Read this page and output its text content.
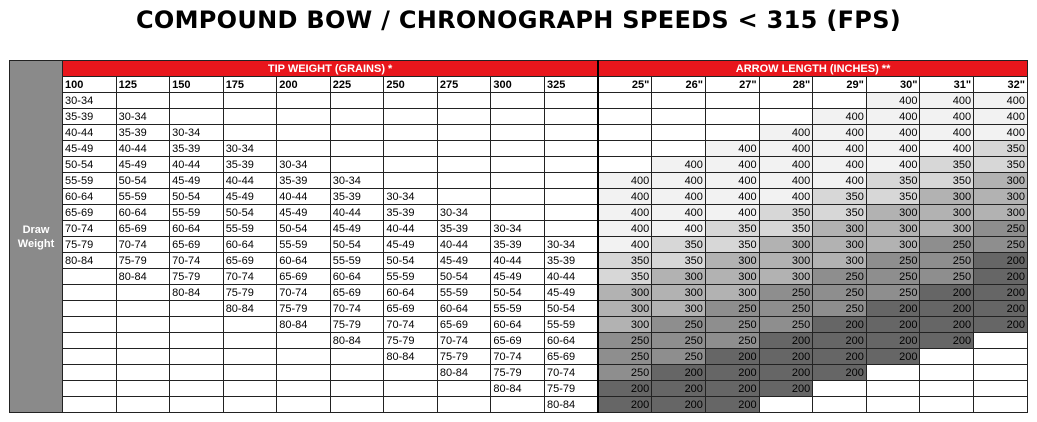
COMPOUND BOW / CHRONOGRAPH SPEEDS < 315 (FPS)
Draw
Weight	TIP WEIGHT (GRAINS) *										ARROW LENGTH (INCHES) **							
	100	125	150	175	200	225	250	275	300	325	25"	26"	27"	28"	29"	30"	31"	32"
	30-34															400	400	400
	35-39	30-34													400	400	400	400
	40-44	35-39	30-34											400	400	400	400	400
	45-49	40-44	35-39	30-34									400	400	400	400	400	350
	50-54	45-49	40-44	35-39	30-34							400	400	400	400	400	350	350
	55-59	50-54	45-49	40-44	35-39	30-34					400	400	400	400	400	350	350	300
	60-64	55-59	50-54	45-49	40-44	35-39	30-34				400	400	400	400	350	350	300	300
	65-69	60-64	55-59	50-54	45-49	40-44	35-39	30-34			400	400	400	350	350	300	300	300
	70-74	65-69	60-64	55-59	50-54	45-49	40-44	35-39	30-34		400	400	350	350	300	300	300	250
	75-79	70-74	65-69	60-64	55-59	50-54	45-49	40-44	35-39	30-34	400	350	350	300	300	300	250	250
	80-84	75-79	70-74	65-69	60-64	55-59	50-54	45-49	40-44	35-39	350	350	300	300	300	250	250	200
		80-84	75-79	70-74	65-69	60-64	55-59	50-54	45-49	40-44	350	300	300	300	250	250	250	200
			80-84	75-79	70-74	65-69	60-64	55-59	50-54	45-49	300	300	300	250	250	250	200	200
				80-84	75-79	70-74	65-69	60-64	55-59	50-54	300	300	250	250	250	200	200	200
					80-84	75-79	70-74	65-69	60-64	55-59	300	250	250	250	200	200	200	200
						80-84	75-79	70-74	65-69	60-64	250	250	250	200	200	200	200	
							80-84	75-79	70-74	65-69	250	250	200	200	200	200		
								80-84	75-79	70-74	250	200	200	200	200			
									80-84	75-79	200	200	200	200				
										80-84	200	200	200					
